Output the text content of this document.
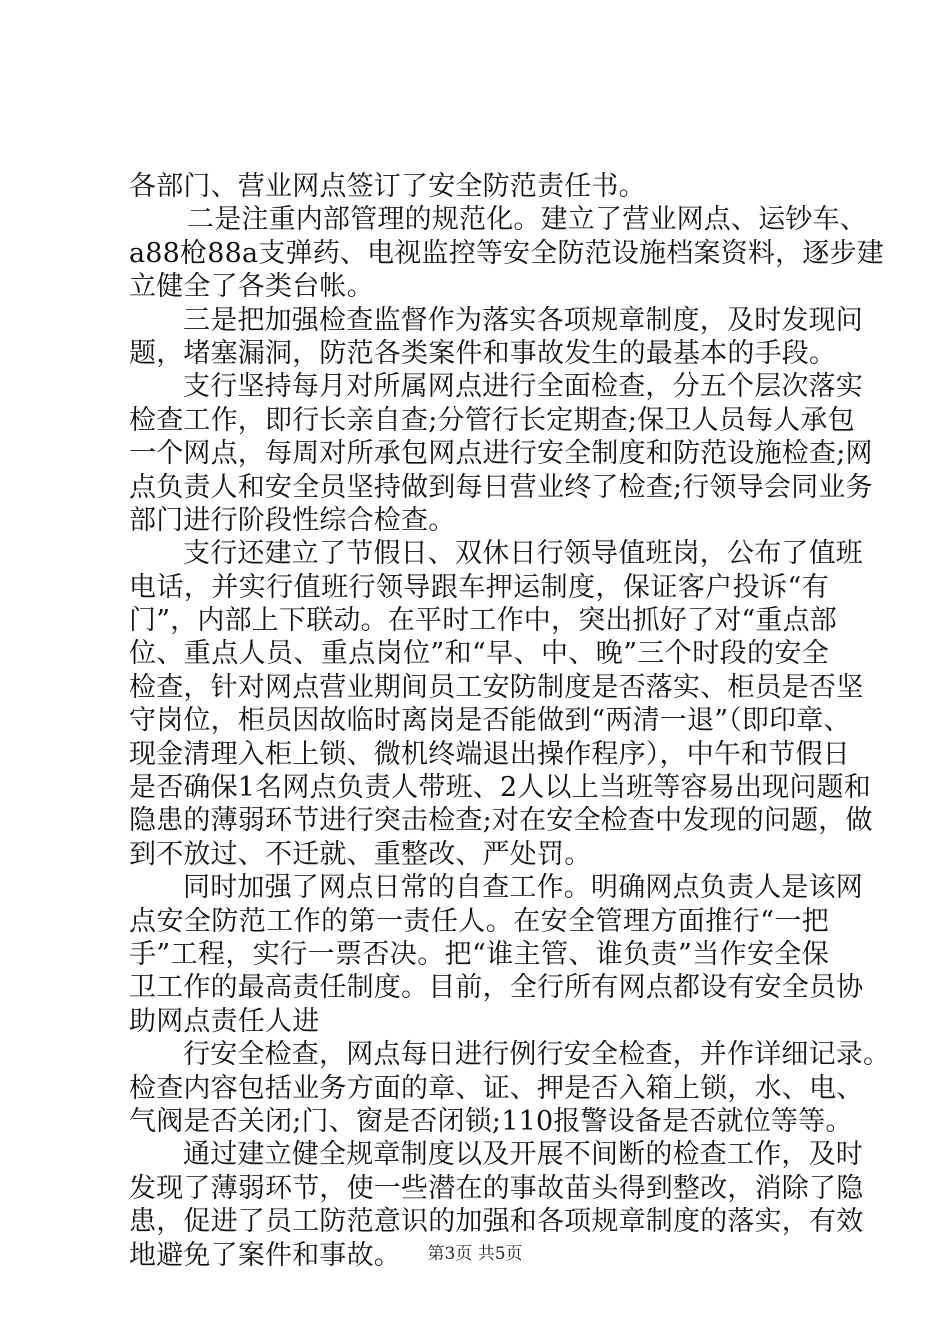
各部门、营业网点签订了安全防范责任书。
二是注重内部管理的规范化。建立了营业网点、运钞车、
a88枪88a支弹药、电视监控等安全防范设施档案资料，逐步建
立健全了各类台帐。
三是把加强检查监督作为落实各项规章制度，及时发现问
题，堵塞漏洞，防范各类案件和事故发生的最基本的手段。
支行坚持每月对所属网点进行全面检查，分五个层次落实
检查工作，即行长亲自查;分管行长定期查;保卫人员每人承包
一个网点，每周对所承包网点进行安全制度和防范设施检查;网
点负责人和安全员坚持做到每日营业终了检查;行领导会同业务
部门进行阶段性综合检查。
支行还建立了节假日、双休日行领导值班岗，公布了值班
电话，并实行值班行领导跟车押运制度，保证客户投诉“有
门”，内部上下联动。在平时工作中，突出抓好了对“重点部
位、重点人员、重点岗位”和“早、中、晚”三个时段的安全
检查，针对网点营业期间员工安防制度是否落实、柜员是否坚
守岗位，柜员因故临时离岗是否能做到“两清一退”（即印章、
现金清理入柜上锁、微机终端退出操作程序），中午和节假日
是否确保1名网点负责人带班、2人以上当班等容易出现问题和
隐患的薄弱环节进行突击检查;对在安全检查中发现的问题，做
到不放过、不迁就、重整改、严处罚。
同时加强了网点日常的自查工作。明确网点负责人是该网
点安全防范工作的第一责任人。在安全管理方面推行“一把
手”工程，实行一票否决。把“谁主管、谁负责”当作安全保
卫工作的最高责任制度。目前，全行所有网点都设有安全员协
助网点责任人进
行安全检查，网点每日进行例行安全检查，并作详细记录。
检查内容包括业务方面的章、证、押是否入箱上锁，水、电、
气阀是否关闭;门、窗是否闭锁;110报警设备是否就位等等。
通过建立健全规章制度以及开展不间断的检查工作，及时
发现了薄弱环节，使一些潜在的事故苗头得到整改，消除了隐
患，促进了员工防范意识的加强和各项规章制度的落实，有效
地避免了案件和事故。	第3页 共5页
